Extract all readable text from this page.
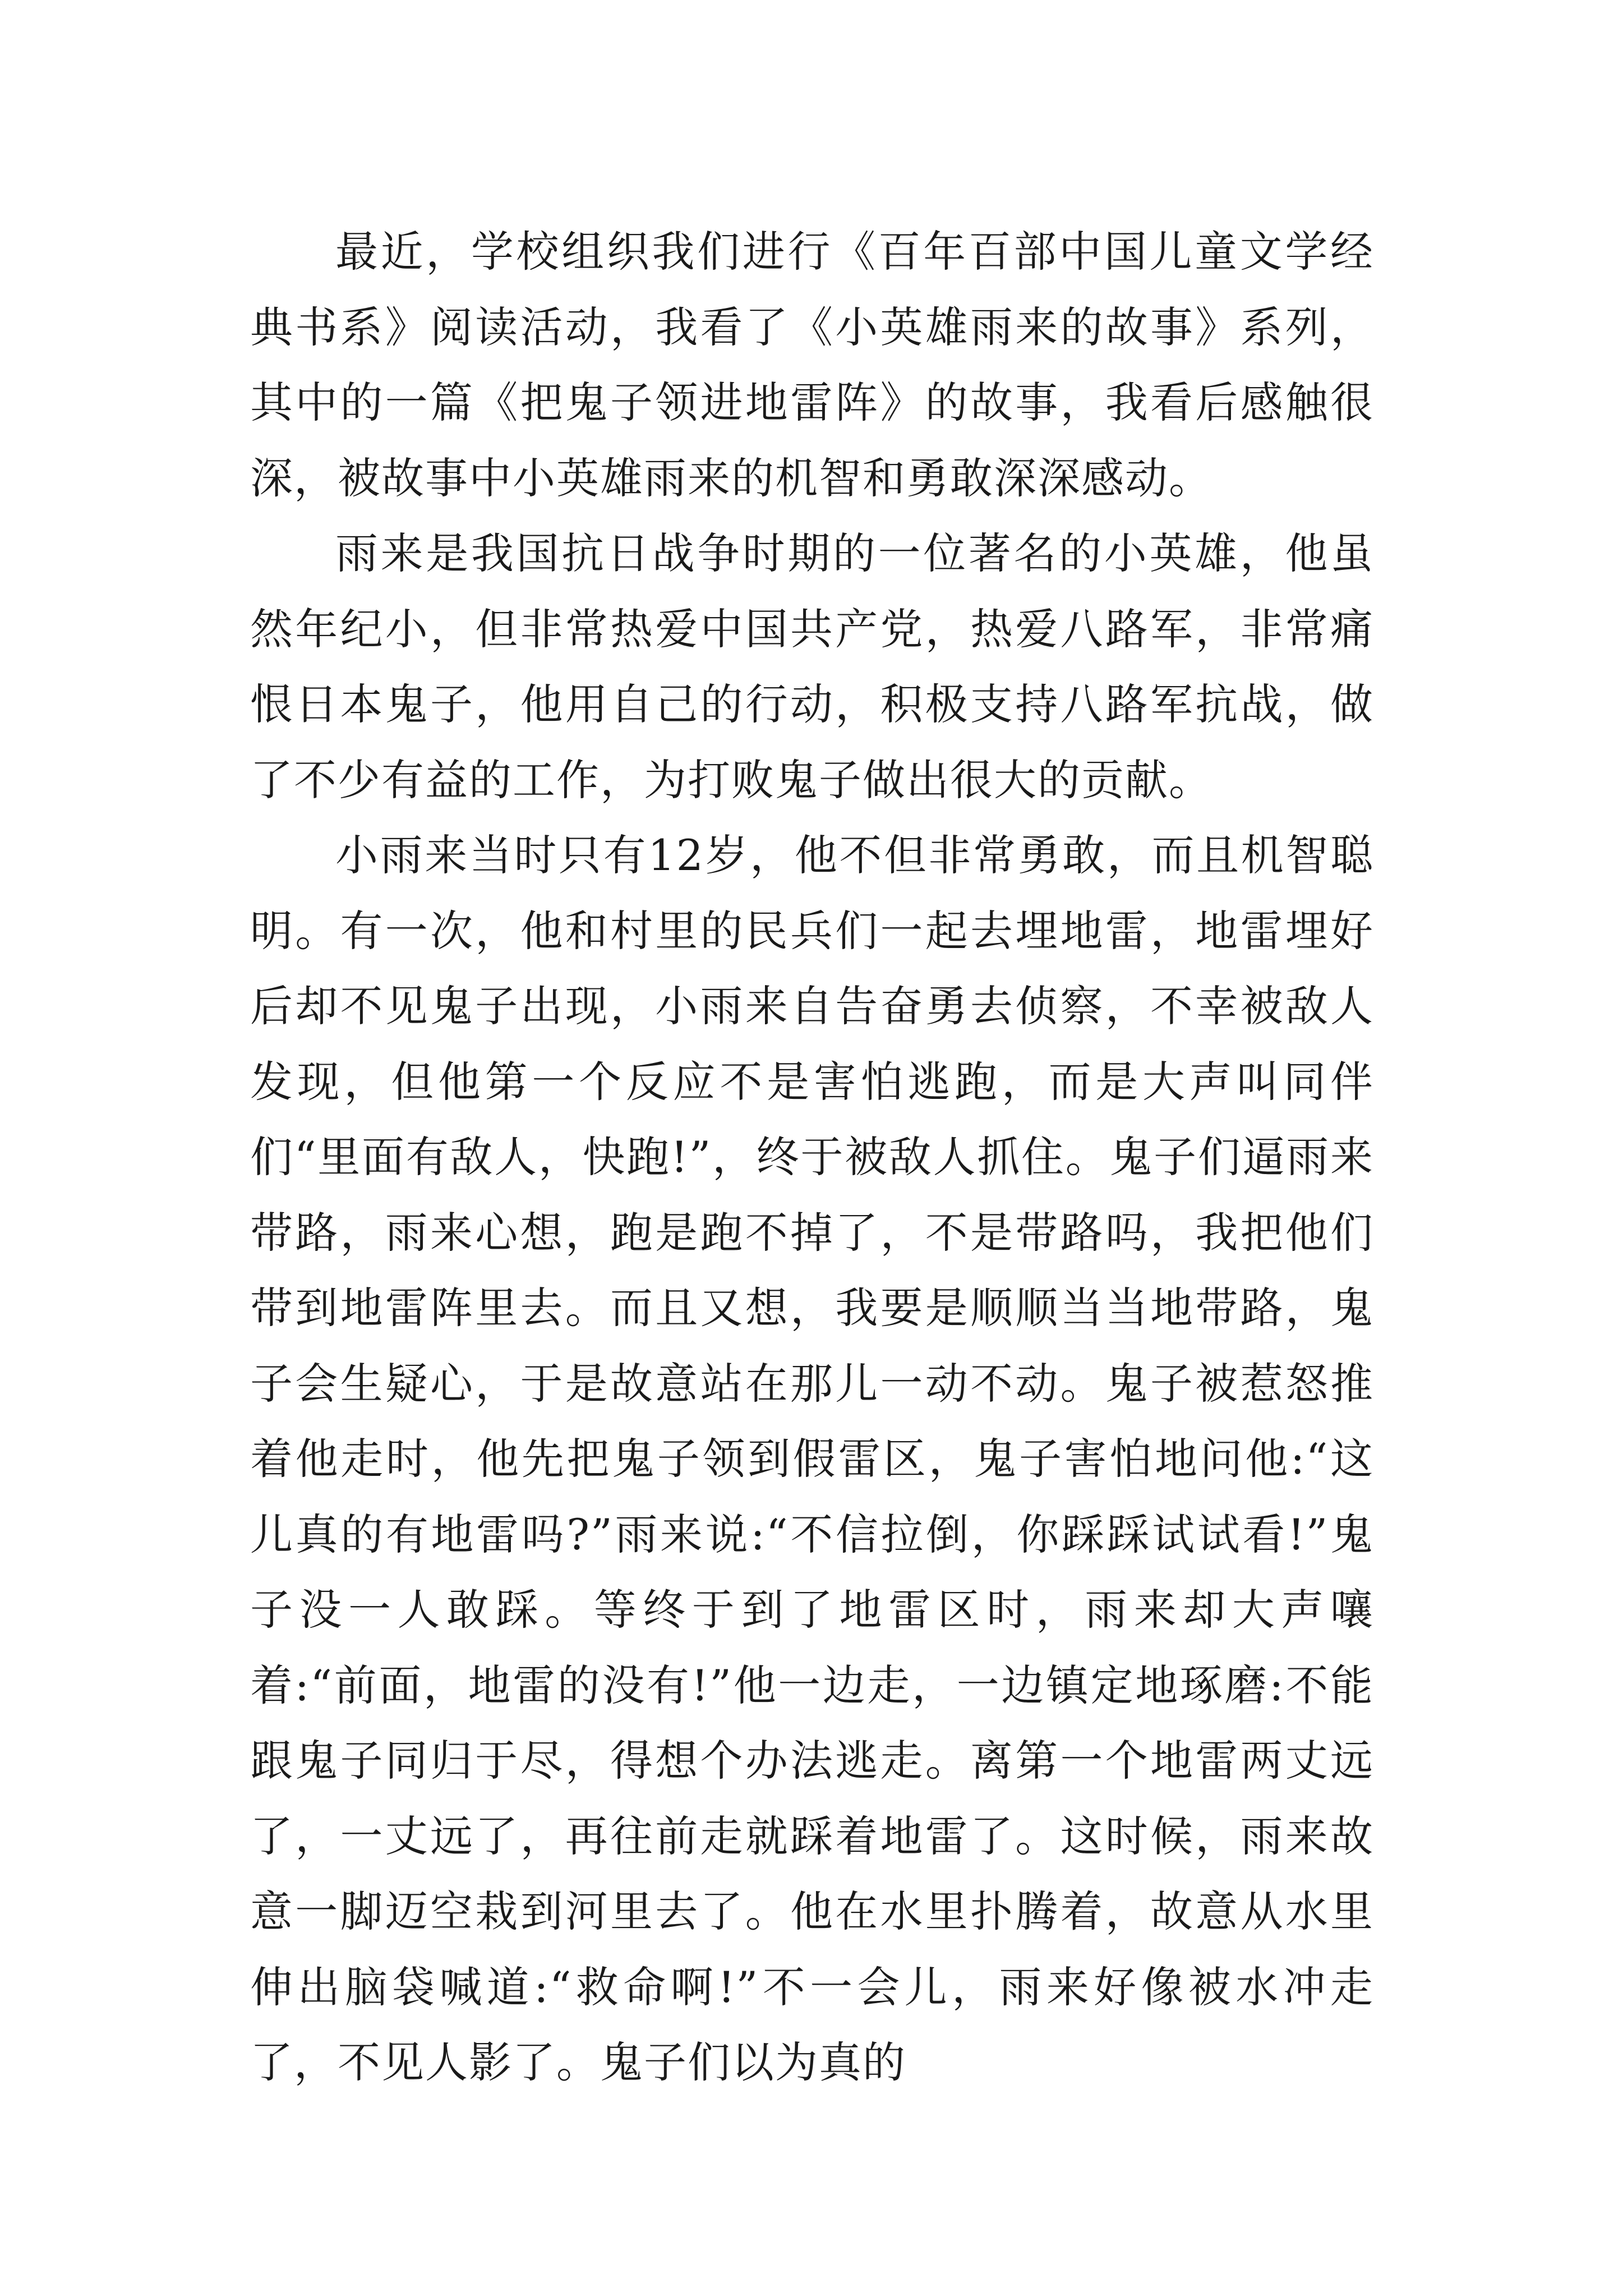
最近，学校组织我们进行《百年百部中国儿童文学经典书系》阅读活动，我看了《小英雄雨来的故事》系列，其中的一篇《把鬼子领进地雷阵》的故事，我看后感触很深，被故事中小英雄雨来的机智和勇敢深深感动。

雨来是我国抗日战争时期的一位著名的小英雄，他虽然年纪小，但非常热爱中国共产党，热爱八路军，非常痛恨日本鬼子，他用自己的行动，积极支持八路军抗战，做了不少有益的工作，为打败鬼子做出很大的贡献。

小雨来当时只有12岁，他不但非常勇敢，而且机智聪明。有一次，他和村里的民兵们一起去埋地雷，地雷埋好后却不见鬼子出现，小雨来自告奋勇去侦察，不幸被敌人发现，但他第一个反应不是害怕逃跑，而是大声叫同伴们“里面有敌人，快跑!”，终于被敌人抓住。鬼子们逼雨来带路，雨来心想，跑是跑不掉了，不是带路吗，我把他们带到地雷阵里去。而且又想，我要是顺顺当当地带路，鬼子会生疑心，于是故意站在那儿一动不动。鬼子被惹怒推着他走时，他先把鬼子领到假雷区，鬼子害怕地问他:“这儿真的有地雷吗?”雨来说:“不信拉倒，你踩踩试试看!”鬼子没一人敢踩。等终于到了地雷区时，雨来却大声嚷着:“前面，地雷的没有!”他一边走，一边镇定地琢磨:不能跟鬼子同归于尽，得想个办法逃走。离第一个地雷两丈远了，一丈远了，再往前走就踩着地雷了。这时候，雨来故意一脚迈空栽到河里去了。他在水里扑腾着，故意从水里伸出脑袋喊道:“救命啊!”不一会儿，雨来好像被水冲走了，不见人影了。鬼子们以为真的
